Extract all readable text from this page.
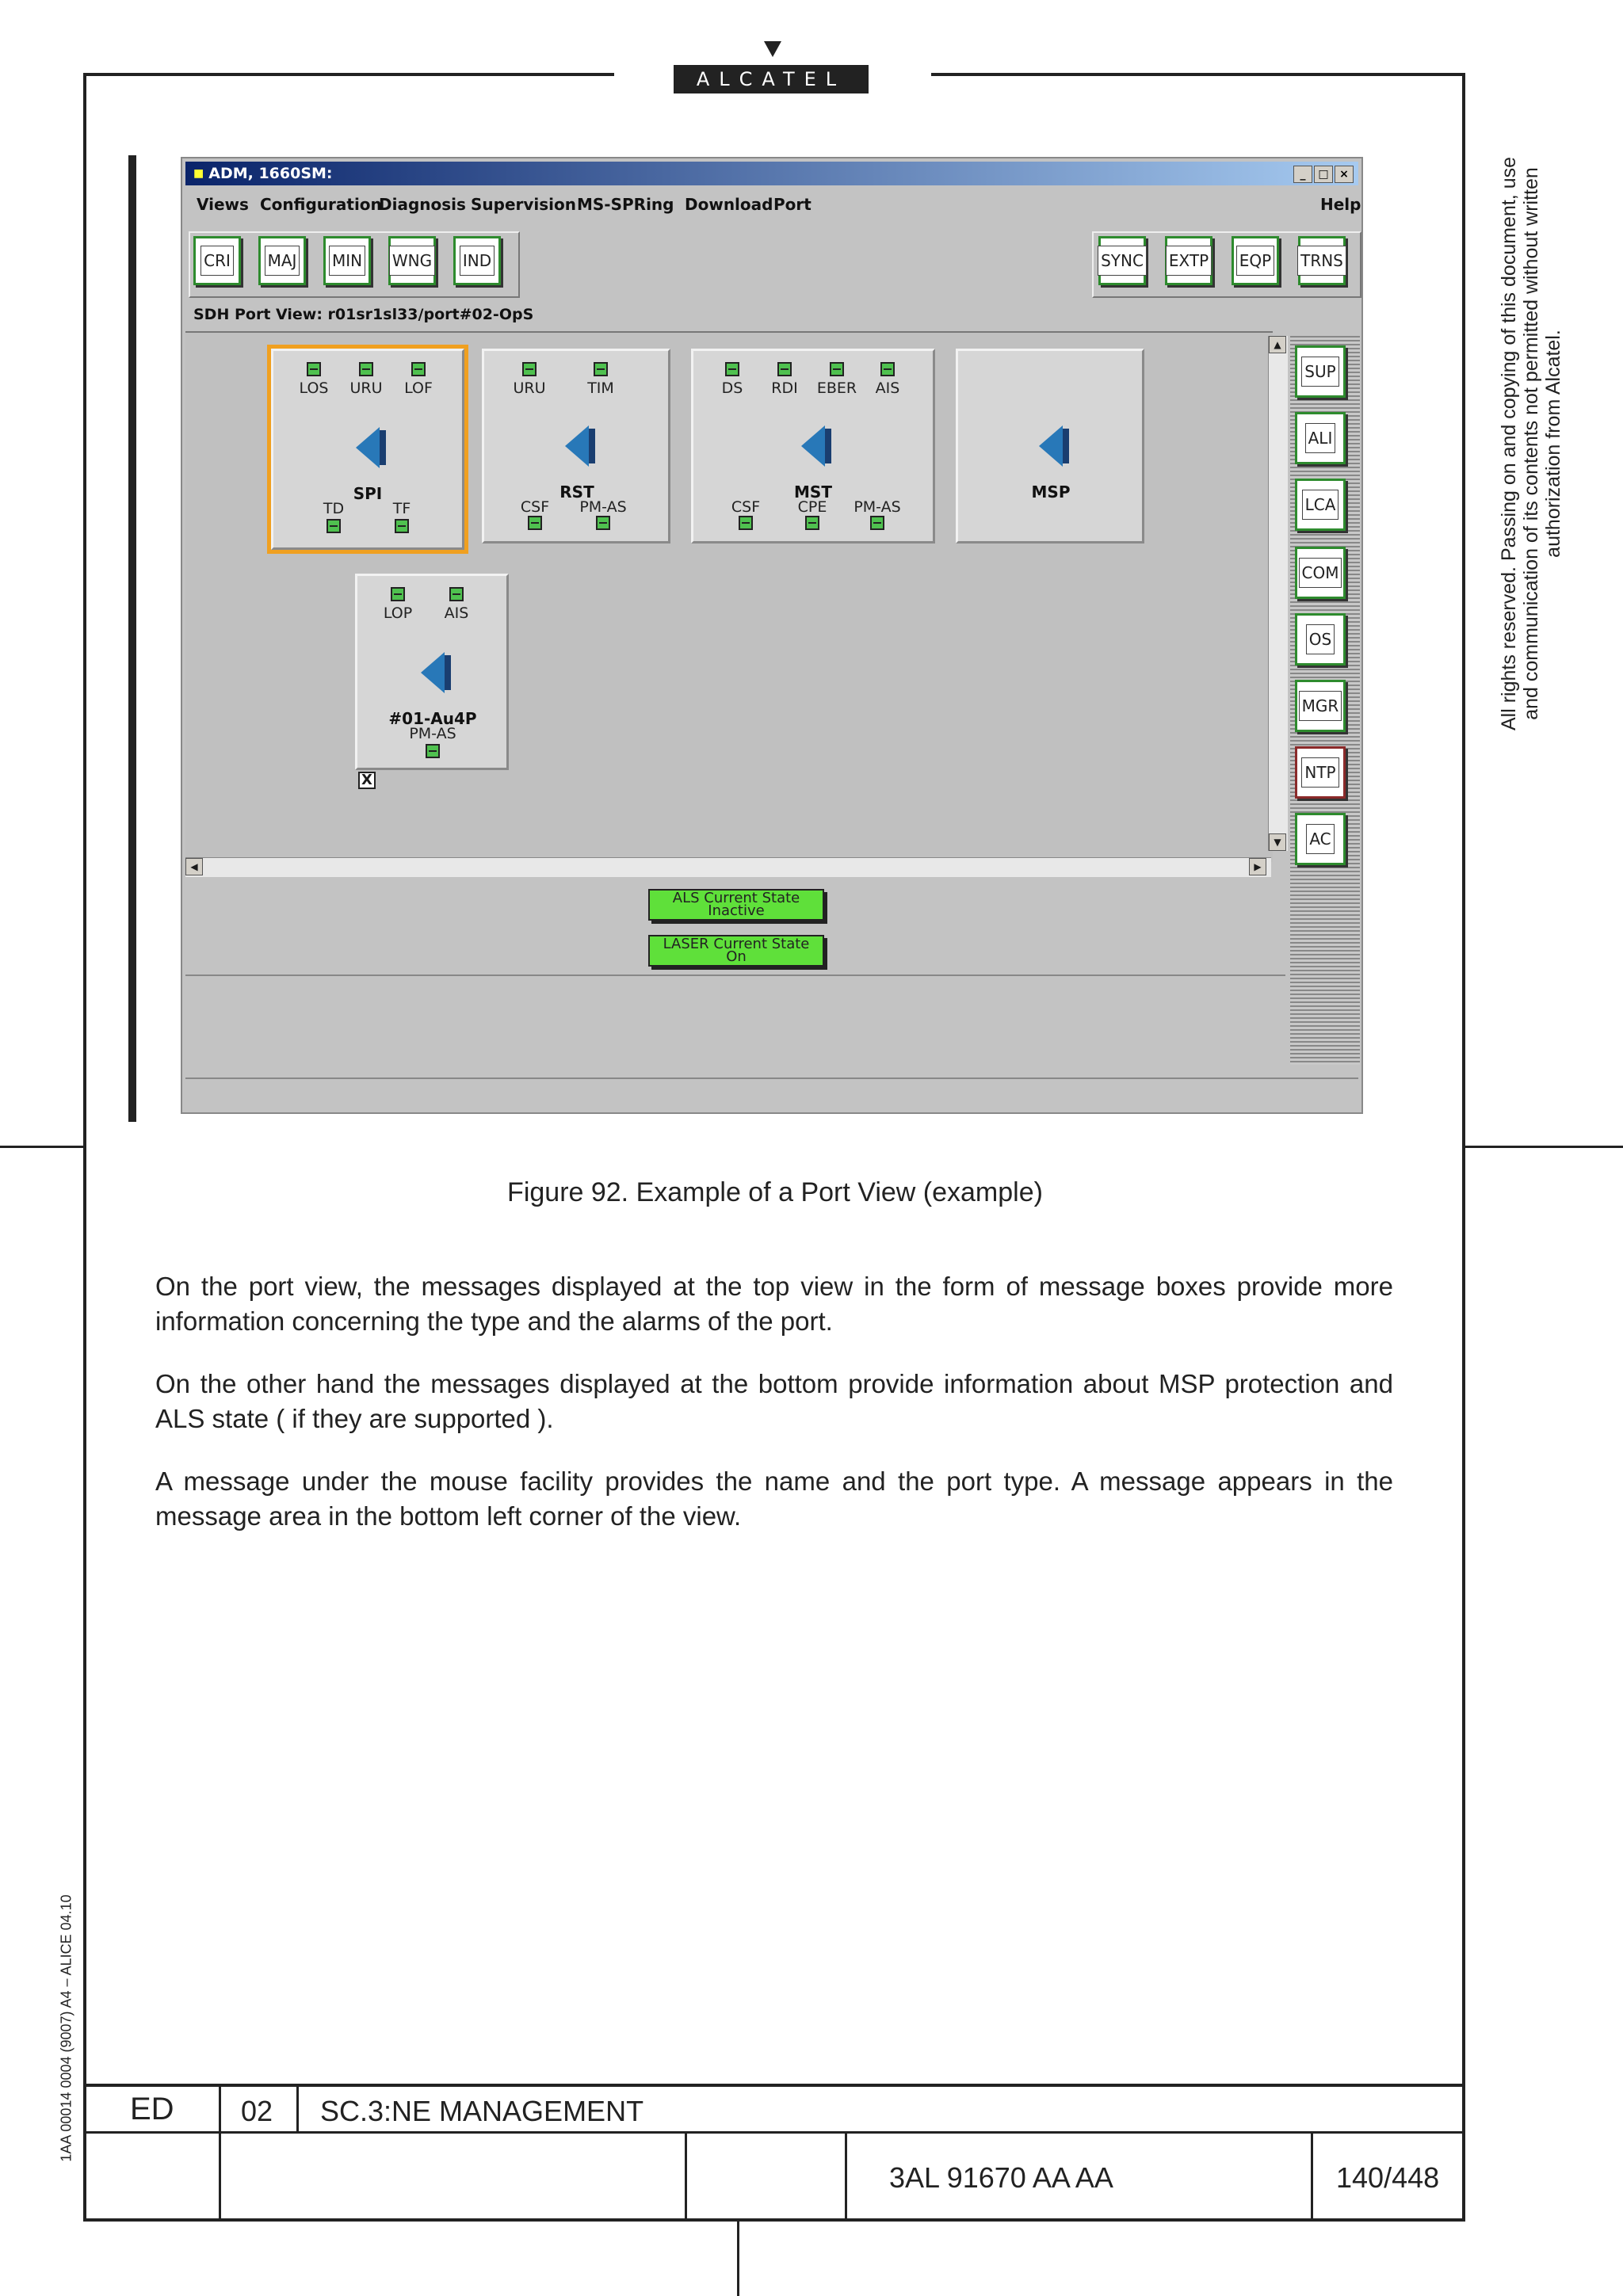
ALCATEL
All rights reserved. Passing on and copying of this document, use and communication of its contents not permitted without written authorization from Alcatel.
1AA 00014 0004 (9007) A4 – ALICE 04.10
■ ADM, 1660SM:	_	□ ×
Views Configuration
Diagnosis Supervision MS-SPRing Download Port	Help
CRI MAJ MIN WNG IND	SYNC EXTP EQP TRNS
SDH Port View: r01sr1sl33/port#02-OpS
LOS URU LOF
SPI
TD	TF
URU	TIM
RST
CSF PM-AS
DS RDI EBER AIS
MST
CSF	CPE PM-AS
MSP
LOP AIS
#01-Au4P
PM-AS
X
▲
▼
◀	▶
SUP
ALI
LCA
COM
OS
MGR
NTP
AC
ALS Current State
Inactive
LASER Current State
On
Figure 92. Example of a Port View (example)

On the port view, the messages displayed at the top view in the form of message boxes provide more information concerning the type and the alarms of the port.

On the other hand the messages displayed at the bottom provide information about MSP protection and ALS state ( if they are supported ).

A message under the mouse facility provides the name and the port type. A message appears in the message area in the bottom left corner of the view.

ED 02 SC.3:NE MANAGEMENT
3AL 91670 AA AA	140/448
